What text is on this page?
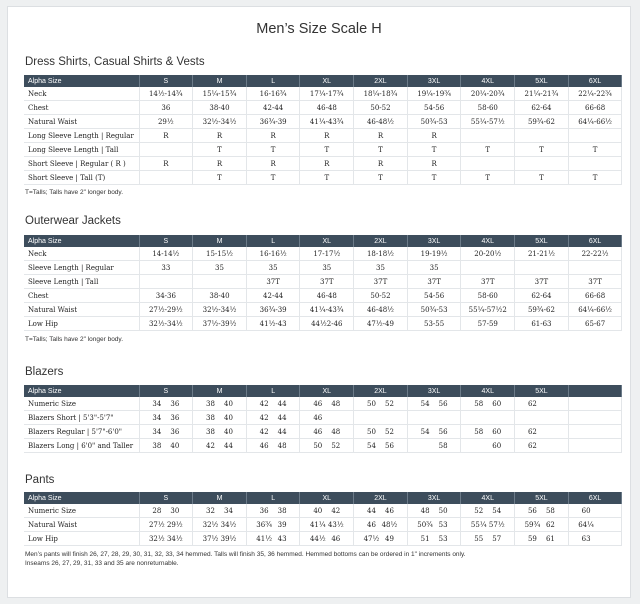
Men’s Size Scale H
Dress Shirts, Casual Shirts & Vests
Alpha Size	S	M	L	XL	2XL	3XL	4XL	5XL	6XL
Neck	14½-14¾	15¼-15¾	16-16¾	17¼-17¾	18¼-18¾	19¼-19¾	20¼-20¾	21¼-21¾	22¼-22¾
Chest	36	38-40	42-44	46-48	50-52	54-56	58-60	62-64	66-68
Natural Waist	29½	32½-34½	36¾-39	41¼-43¾	46-48½	50¾-53	55¼-57½	59¾-62	64¼-66½
Long Sleeve Length | Regular	R	R	R	R	R	R			
Long Sleeve Length | Tall		T	T	T	T	T	T	T	T
Short Sleeve | Regular ( R )	R	R	R	R	R	R			
Short Sleeve | Tall (T)		T	T	T	T	T	T	T	T
T=Talls; Talls have 2" longer body.
Outerwear Jackets
Alpha Size	S	M	L	XL	2XL	3XL	4XL	5XL	6XL
Neck	14-14½	15-15½	16-16½	17-17½	18-18½	19-19½	20-20½	21-21½	22-22½
Sleeve Length | Regular	33	35	35	35	35	35			
Sleeve Length | Tall			37T	37T	37T	37T	37T	37T	37T
Chest	34-36	38-40	42-44	46-48	50-52	54-56	58-60	62-64	66-68
Natural Waist	27½-29½	32½-34½	36¾-39	41¼-43¾	46-48½	50¾-53	55¼-57½2	59¾-62	64¼-66½
Low Hip	32½-34½	37½-39½	41½-43	44½2-46	47½-49	53-55	57-59	61-63	65-67
T=Talls; Talls have 2" longer body.
Blazers
Alpha Size	S	M	L	XL	2XL	3XL	4XL	5XL	
Numeric Size	34 36	38 40	42 44	46 48	50 52	54 56	58 60	62	
Blazers Short | 5'3"-5'7"	34 36	38 40	42 44	46					
Blazers Regular | 5'7"-6'0"	34 36	38 40	42 44	46 48	50 52	54 56	58 60	62	
Blazers Long | 6'0" and Taller	38 40	42 44	46 48	50 52	54 56	58	60	62	
Pants
Alpha Size	S	M	L	XL	2XL	3XL	4XL	5XL	6XL
Numeric Size	28 30	32 34	36 38	40 42	44 46	48 50	52 54	56 58	60
Natural Waist	27½ 29½	32½ 34½	36¾ 39	41¼ 43½	46 48½	50¾ 53	55¼ 57½	59¾ 62	64¼
Low Hip	32½ 34½	37½ 39½	41½ 43	44½ 46	47½ 49	51 53	55 57	59 61	63
Men’s pants will finish 26, 27, 28, 29, 30, 31, 32, 33, 34 hemmed. Talls will finish 35, 36 hemmed. Hemmed bottoms can be ordered in 1" increments only.
Inseams 26, 27, 29, 31, 33 and 35 are nonreturnable.
